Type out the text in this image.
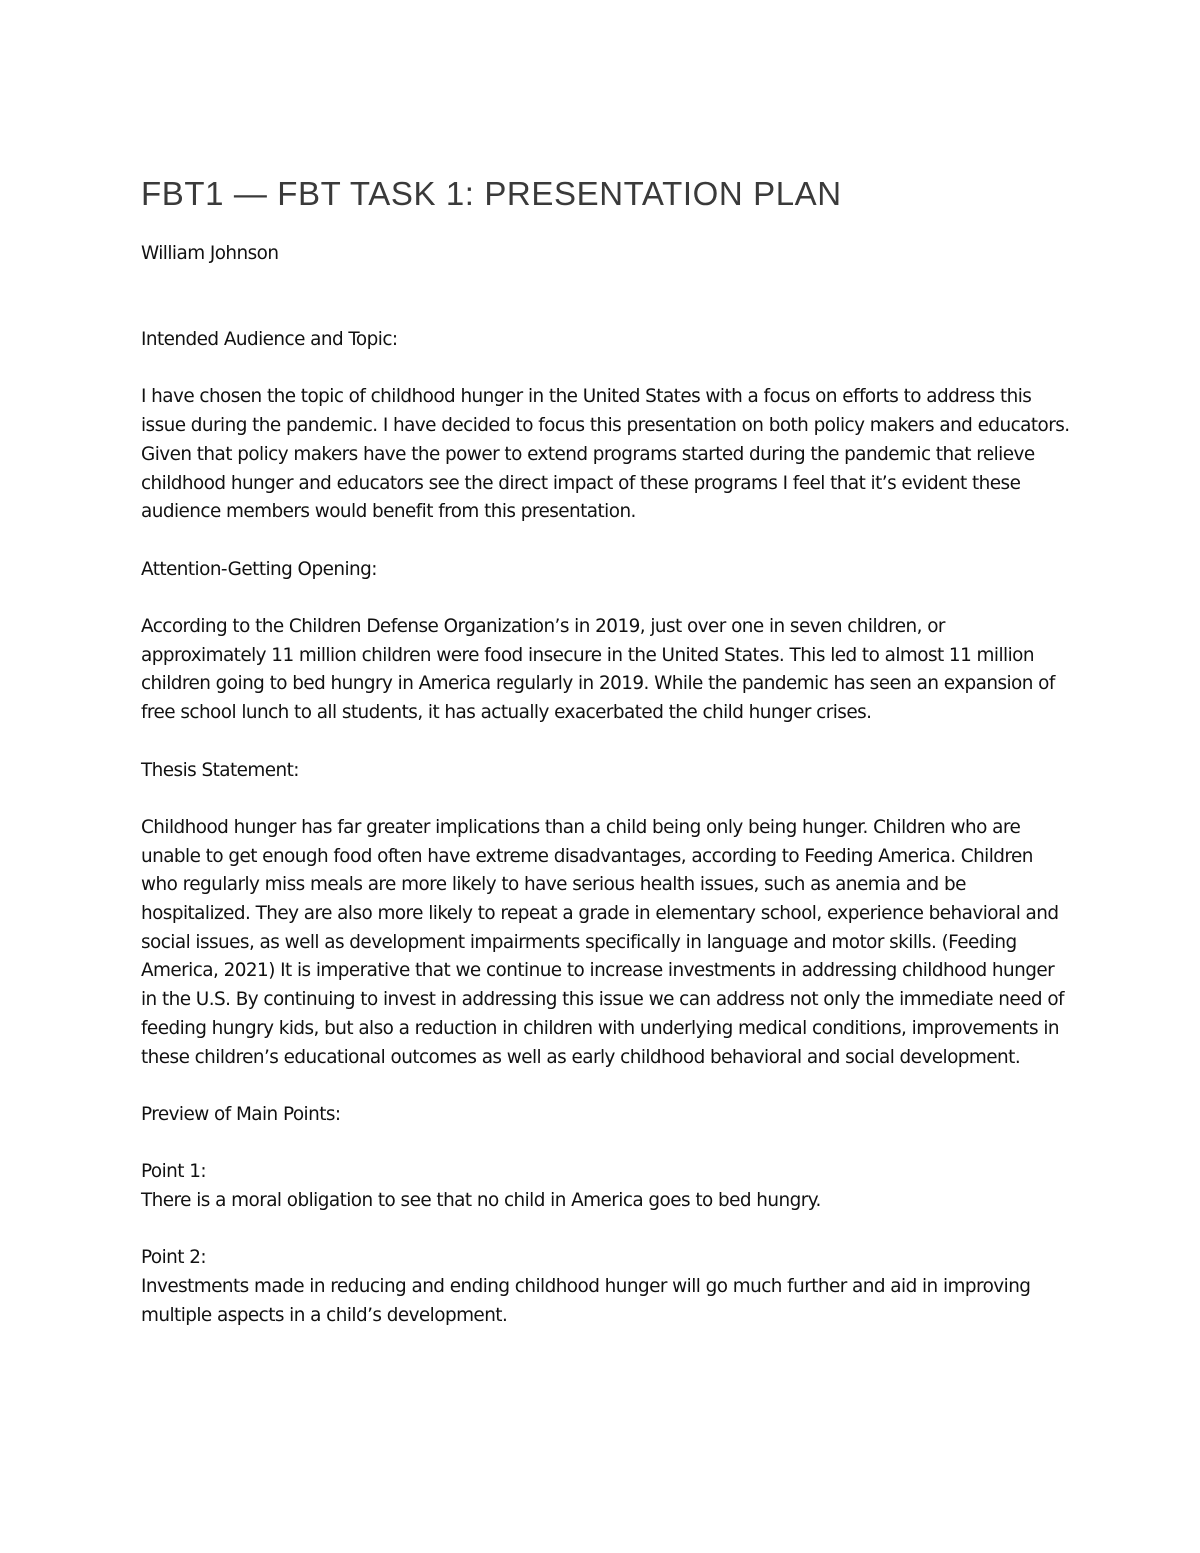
FBT1 — FBT TASK 1: PRESENTATION PLAN

William Johnson

Intended Audience and Topic:

I have chosen the topic of childhood hunger in the United States with a focus on efforts to address this issue during the pandemic. I have decided to focus this presentation on both policy makers and educators. Given that policy makers have the power to extend programs started during the pandemic that relieve childhood hunger and educators see the direct impact of these programs I feel that it’s evident these audience members would benefit from this presentation.

Attention-Getting Opening:

According to the Children Defense Organization’s in 2019, just over one in seven children, or approximately 11 million children were food insecure in the United States. This led to almost 11 million children going to bed hungry in America regularly in 2019. While the pandemic has seen an expansion of free school lunch to all students, it has actually exacerbated the child hunger crises.

Thesis Statement:

Childhood hunger has far greater implications than a child being only being hunger. Children who are unable to get enough food often have extreme disadvantages, according to Feeding America. Children who regularly miss meals are more likely to have serious health issues, such as anemia and be hospitalized. They are also more likely to repeat a grade in elementary school, experience behavioral and social issues, as well as development impairments specifically in language and motor skills. (Feeding America, 2021) It is imperative that we continue to increase investments in addressing childhood hunger in the U.S. By continuing to invest in addressing this issue we can address not only the immediate need of feeding hungry kids, but also a reduction in children with underlying medical conditions, improvements in these children’s educational outcomes as well as early childhood behavioral and social development.

Preview of Main Points:

Point 1:

There is a moral obligation to see that no child in America goes to bed hungry.

Point 2:

Investments made in reducing and ending childhood hunger will go much further and aid in improving multiple aspects in a child’s development.
